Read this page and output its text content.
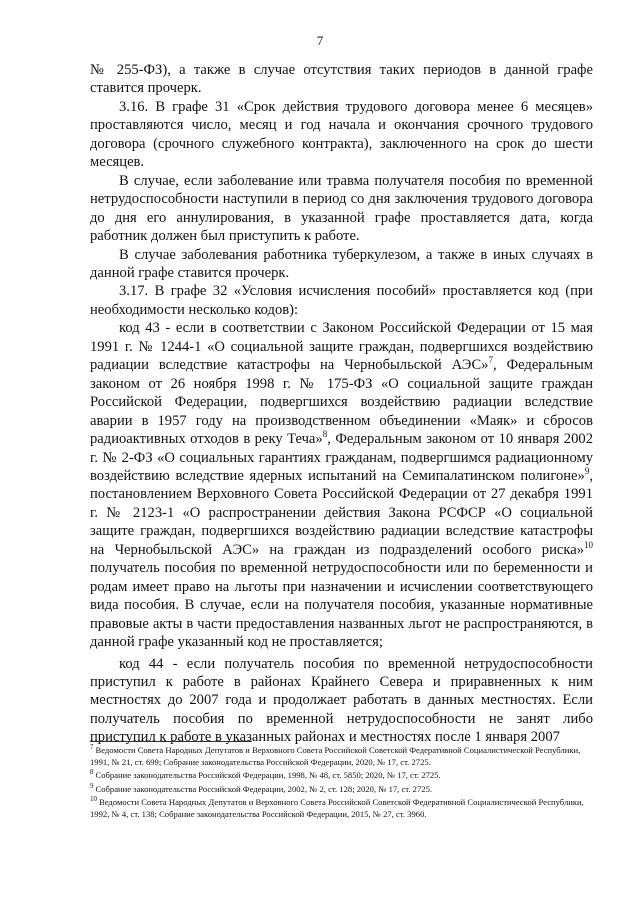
7

№ 255-ФЗ), а также в случае отсутствия таких периодов в данной графе ставится прочерк.

3.16. В графе 31 «Срок действия трудового договора менее 6 месяцев» проставляются число, месяц и год начала и окончания срочного трудового договора (срочного служебного контракта), заключенного на срок до шести месяцев.

В случае, если заболевание или травма получателя пособия по временной нетрудоспособности наступили в период со дня заключения трудового договора до дня его аннулирования, в указанной графе проставляется дата, когда работник должен был приступить к работе.

В случае заболевания работника туберкулезом, а также в иных случаях в данной графе ставится прочерк.

3.17. В графе 32 «Условия исчисления пособий» проставляется код (при необходимости несколько кодов):

код 43 - если в соответствии с Законом Российской Федерации от 15 мая 1991 г. № 1244-1 «О социальной защите граждан, подвергшихся воздействию радиации вследствие катастрофы на Чернобыльской АЭС»$^7$, Федеральным законом от 26 ноября 1998 г. № 175-ФЗ «О социальной защите граждан Российской Федерации, подвергшихся воздействию радиации вследствие аварии в 1957 году на производственном объединении «Маяк» и сбросов радиоактивных отходов в реку Теча»$^8$, Федеральным законом от 10 января 2002 г. № 2-ФЗ «О социальных гарантиях гражданам, подвергшимся радиационному воздействию вследствие ядерных испытаний на Семипалатинском полигоне»$^9$, постановлением Верховного Совета Российской Федерации от 27 декабря 1991 г. № 2123-1 «О распространении действия Закона РСФСР «О социальной защите граждан, подвергшихся воздействию радиации вследствие катастрофы на Чернобыльской АЭС» на граждан из подразделений особого риска»$^{10}$ получатель пособия по временной нетрудоспособности или по беременности и родам имеет право на льготы при назначении и исчислении соответствующего вида пособия. В случае, если на получателя пособия, указанные нормативные правовые акты в части предоставления названных льгот не распространяются, в данной графе указанный код не проставляется;

код 44 - если получатель пособия по временной нетрудоспособности приступил к работе в районах Крайнего Севера и приравненных к ним местностях до 2007 года и продолжает работать в данных местностях. Если получатель пособия по временной нетрудоспособности не занят либо приступил к работе в указанных районах и местностях после 1 января 2007

$^7$ Ведомости Совета Народных Депутатов и Верховного Совета Российской Советской Федеративной Социалистической Республики, 1991, № 21, ст. 699; Собрание законодательства Российской Федерации, 2020, № 17, ст. 2725.

$^8$ Собрание законодательства Российской Федерации, 1998, № 48, ст. 5850; 2020, № 17, ст. 2725.

$^9$ Собрание законодательства Российской Федерации, 2002, № 2, ст. 128; 2020, № 17, ст. 2725.

$^{10}$ Ведомости Совета Народных Депутатов и Верховного Совета Российской Советской Федеративной Социалистической Республики, 1992, № 4, ст. 138; Собрание законодательства Российской Федерации, 2015, № 27, ст. 3960.
